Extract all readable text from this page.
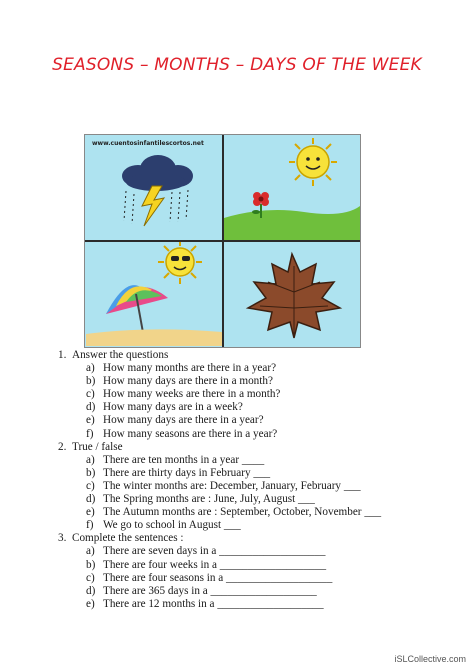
SEASONS – MONTHS – DAYS OF THE WEEK
www.cuentosinfantilescortos.net
1. Answer the questions
a) How many months are there in a year?
b) How many days are there in a month?
c) How many weeks are there in a month?
d) How many days are in a week?
e) How many days are there in a year?
f) How many seasons are there in a year?
2. True / false
a) There are ten months in a year ____
b) There are thirty days in February ___
c) The winter months are: December, January, February ___
d) The Spring months are : June, July, August ___
e) The Autumn months are : September, October, November ___
f) We go to school in August ___
3. Complete the sentences :
a) There are seven days in a ___________________
b) There are four weeks in a ___________________
c) There are four seasons in a ___________________
d) There are 365 days in a ___________________
e) There are 12 months in a ___________________
iSLCollective.com
